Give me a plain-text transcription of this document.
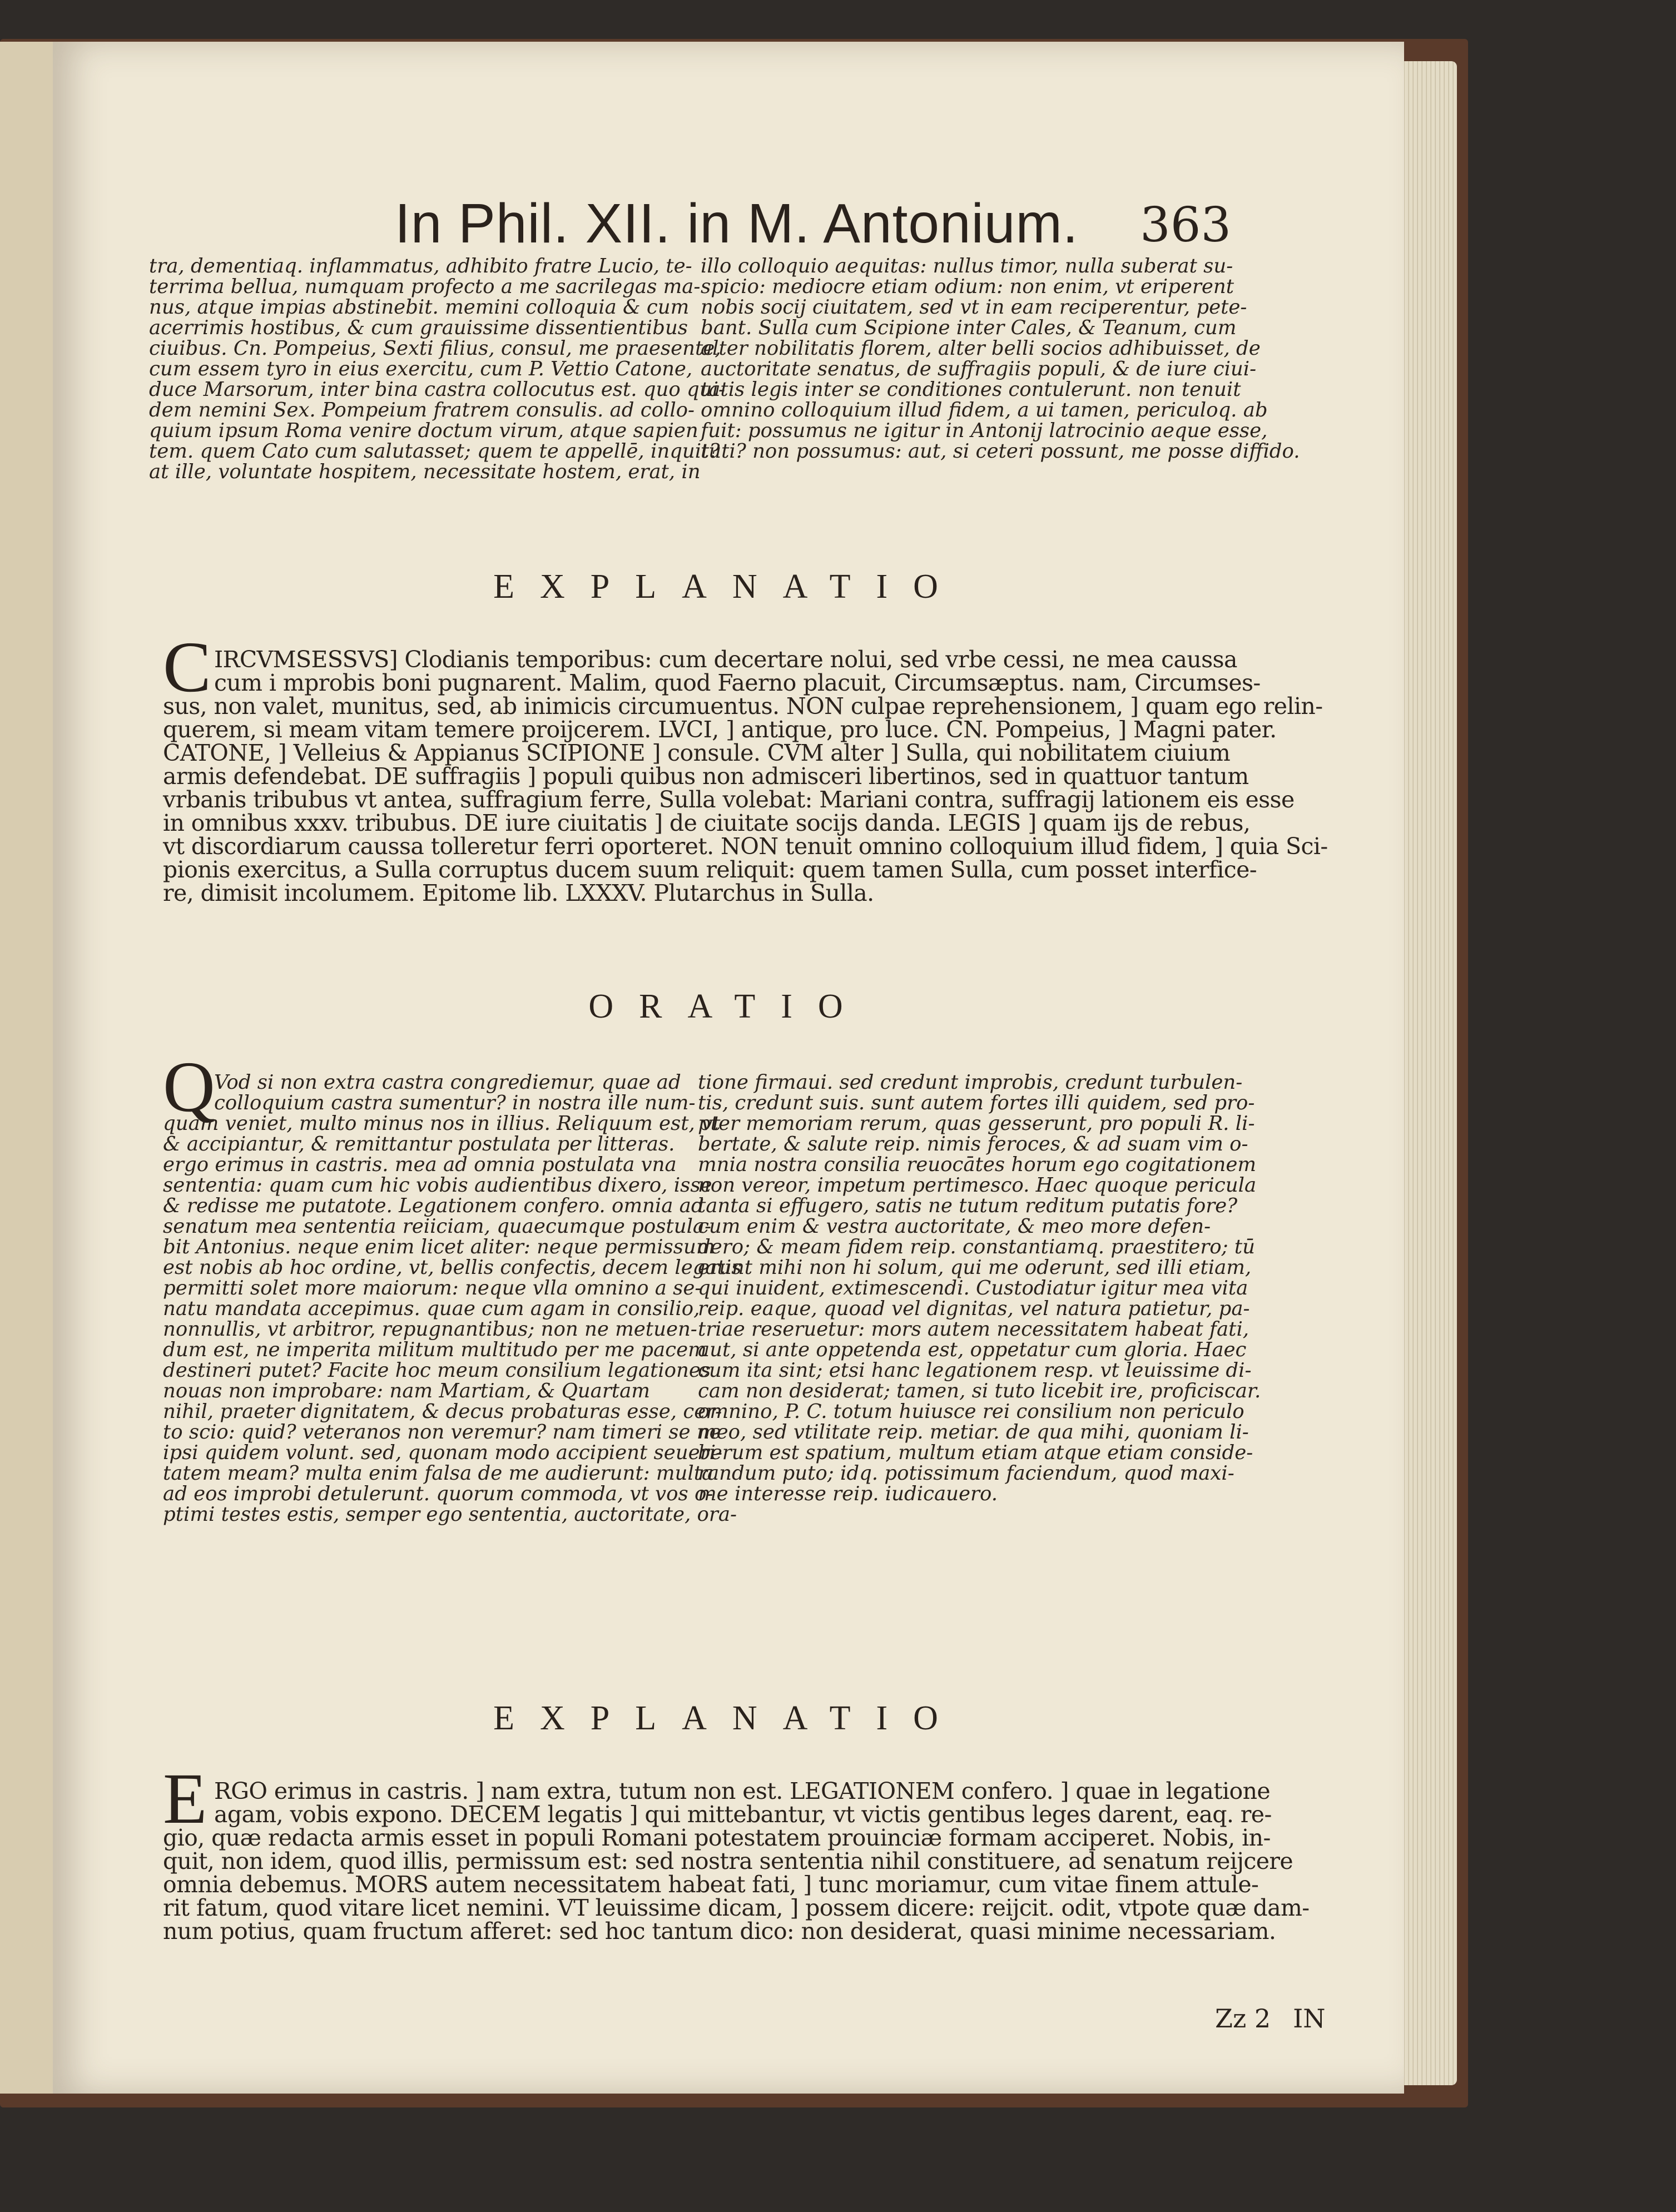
In Phil. XII. in M. Antonium. 363
tra, dementiaq. inflammatus, adhibito fratre Lucio, te-
terrima bellua, numquam profecto a me sacrilegas ma-
nus, atque impias abstinebit. memini colloquia & cum
acerrimis hostibus, & cum grauissime dissentientibus
ciuibus. Cn. Pompeius, Sexti filius, consul, me praesente,
cum essem tyro in eius exercitu, cum P. Vettio Catone,
duce Marsorum, inter bina castra collocutus est. quo qui-
dem nemini Sex. Pompeium fratrem consulis. ad collo-
quium ipsum Roma venire doctum virum, atque sapien
tem. quem Cato cum salutasset; quem te appellē, inquit?
at ille, voluntate hospitem, necessitate hostem, erat, in
illo colloquio aequitas: nullus timor, nulla suberat su-
spicio: mediocre etiam odium: non enim, vt eriperent
nobis socij ciuitatem, sed vt in eam reciperentur, pete-
bant. Sulla cum Scipione inter Cales, & Teanum, cum
alter nobilitatis florem, alter belli socios adhibuisset, de
auctoritate senatus, de suffragiis populi, & de iure ciui-
tatis legis inter se conditiones contulerunt. non tenuit
omnino colloquium illud fidem, a ui tamen, periculoq. ab
fuit: possumus ne igitur in Antonij latrocinio aeque esse,
tuti? non possumus: aut, si ceteri possunt, me posse diffido.
EXPLANATIO
C IRCVMSESSVS] Clodianis temporibus: cum decertare nolui, sed vrbe cessi, ne mea caussa
cum i mprobis boni pugnarent. Malim, quod Faerno placuit, Circumsæptus. nam, Circumses-
sus, non valet, munitus, sed, ab inimicis circumuentus. NON culpae reprehensionem, ] quam ego relin-
querem, si meam vitam temere proijcerem. LVCI, ] antique, pro luce. CN. Pompeius, ] Magni pater.
CATONE, ] Velleius & Appianus SCIPIONE ] consule. CVM alter ] Sulla, qui nobilitatem ciuium
armis defendebat. DE suffragiis ] populi quibus non admisceri libertinos, sed in quattuor tantum
vrbanis tribubus vt antea, suffragium ferre, Sulla volebat: Mariani contra, suffragij lationem eis esse
in omnibus xxxv. tribubus. DE iure ciuitatis ] de ciuitate socijs danda. LEGIS ] quam ijs de rebus,
vt discordiarum caussa tolleretur ferri oporteret. NON tenuit omnino colloquium illud fidem, ] quia Sci-
pionis exercitus, a Sulla corruptus ducem suum reliquit: quem tamen Sulla, cum posset interfice-
re, dimisit incolumem. Epitome lib. LXXXV. Plutarchus in Sulla.
ORATIO
Q
Vod si non extra castra congrediemur, quae ad
colloquium castra sumentur? in nostra ille num-
quam veniet, multo minus nos in illius. Reliquum est, vt
& accipiantur, & remittantur postulata per litteras.
ergo erimus in castris. mea ad omnia postulata vna
sententia: quam cum hic vobis audientibus dixero, isse
& redisse me putatote. Legationem confero. omnia ad
senatum mea sententia reiiciam, quaecumque postula-
bit Antonius. neque enim licet aliter: neque permissum
est nobis ab hoc ordine, vt, bellis confectis, decem legatis
permitti solet more maiorum: neque vlla omnino a se-
natu mandata accepimus. quae cum agam in consilio,
nonnullis, vt arbitror, repugnantibus; non ne metuen-
dum est, ne imperita militum multitudo per me pacem
destineri putet? Facite hoc meum consilium legationes
nouas non improbare: nam Martiam, & Quartam
nihil, praeter dignitatem, & decus probaturas esse, cer-
to scio: quid? veteranos non veremur? nam timeri se ne
ipsi quidem volunt. sed, quonam modo accipient seueri-
tatem meam? multa enim falsa de me audierunt: multa
ad eos improbi detulerunt. quorum commoda, vt vos o-
ptimi testes estis, semper ego sententia, auctoritate, ora-
tione firmaui. sed credunt improbis, credunt turbulen-
tis, credunt suis. sunt autem fortes illi quidem, sed pro-
pter memoriam rerum, quas gesserunt, pro populi R. li-
bertate, & salute reip. nimis feroces, & ad suam vim o-
mnia nostra consilia reuocātes horum ego cogitationem
non vereor, impetum pertimesco. Haec quoque pericula
tanta si effugero, satis ne tutum reditum putatis fore?
cum enim & vestra auctoritate, & meo more defen-
dero; & meam fidem reip. constantiamq. praestitero; tū
erunt mihi non hi solum, qui me oderunt, sed illi etiam,
qui inuident, extimescendi. Custodiatur igitur mea vita
reip. eaque, quoad vel dignitas, vel natura patietur, pa-
triae reseruetur: mors autem necessitatem habeat fati,
aut, si ante oppetenda est, oppetatur cum gloria. Haec
cum ita sint; etsi hanc legationem resp. vt leuissime di-
cam non desiderat; tamen, si tuto licebit ire, proficiscar.
omnino, P. C. totum huiusce rei consilium non periculo
meo, sed vtilitate reip. metiar. de qua mihi, quoniam li-
berum est spatium, multum etiam atque etiam conside-
randum puto; idq. potissimum faciendum, quod maxi-
me interesse reip. iudicauero.
EXPLANATIO
E RGO erimus in castris. ] nam extra, tutum non est. LEGATIONEM confero. ] quae in legatione
agam, vobis expono. DECEM legatis ] qui mittebantur, vt victis gentibus leges darent, eaq. re-
gio, quæ redacta armis esset in populi Romani potestatem prouinciæ formam acciperet. Nobis, in-
quit, non idem, quod illis, permissum est: sed nostra sententia nihil constituere, ad senatum reijcere
omnia debemus. MORS autem necessitatem habeat fati, ] tunc moriamur, cum vitae finem attule-
rit fatum, quod vitare licet nemini. VT leuissime dicam, ] possem dicere: reijcit. odit, vtpote quæ dam-
num potius, quam fructum afferet: sed hoc tantum dico: non desiderat, quasi minime necessariam.
Zz 2 IN
